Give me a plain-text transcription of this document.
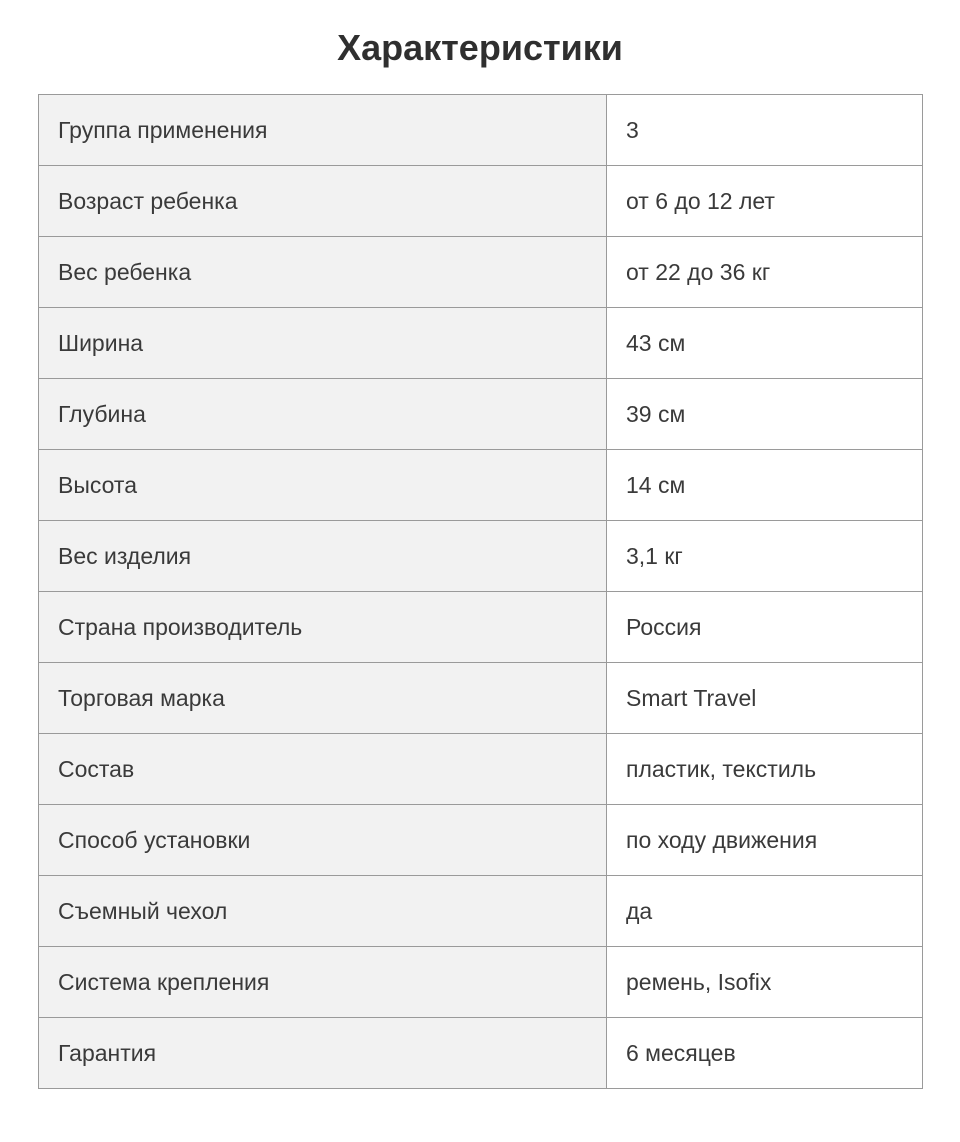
Характеристики
Группа применения	3
Возраст ребенка	от 6 до 12 лет
Вес ребенка	от 22 до 36 кг
Ширина	43 см
Глубина	39 см
Высота	14 см
Вес изделия	3,1 кг
Страна производитель	Россия
Торговая марка	Smart Travel
Состав	пластик, текстиль
Способ установки	по ходу движения
Съемный чехол	да
Система крепления	ремень, Isofix
Гарантия	6 месяцев
